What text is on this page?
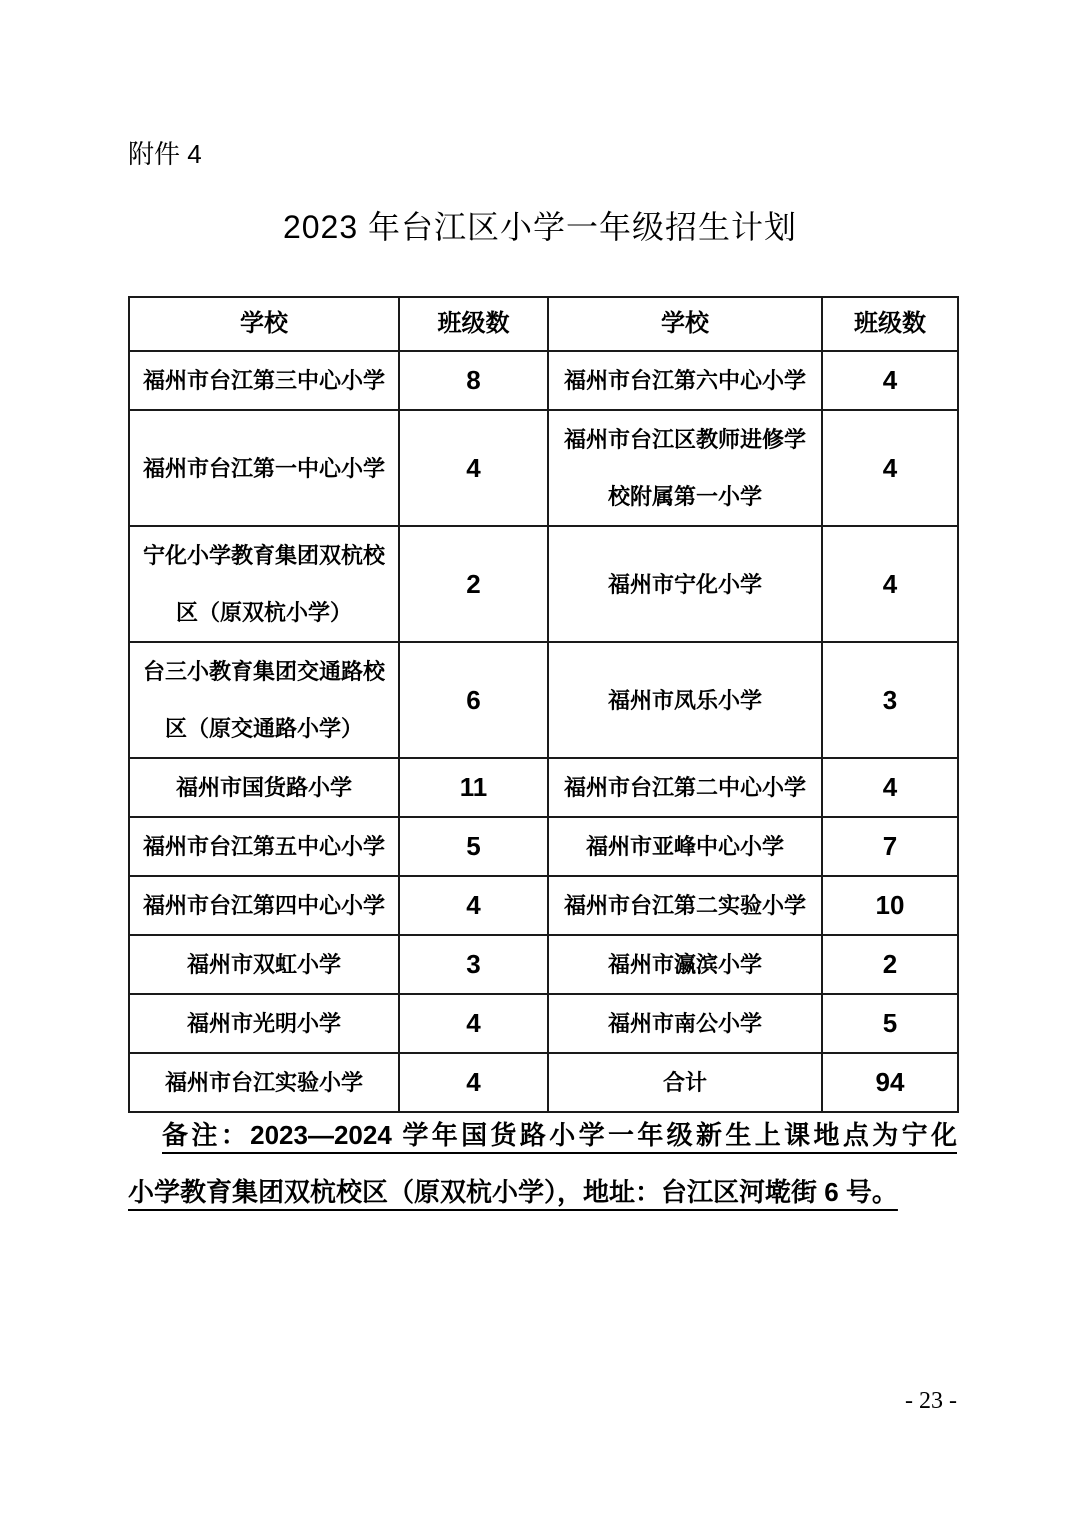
附件 4
2023 年台江区小学一年级招生计划
学校	班级数	学校	班级数
福州市台江第三中心小学	8	福州市台江第六中心小学	4
福州市台江第一中心小学	4	福州市台江区教师进修学校附属第一小学	4
宁化小学教育集团双杭校区（原双杭小学）	2	福州市宁化小学	4
台三小教育集团交通路校区（原交通路小学）	6	福州市凤乐小学	3
福州市国货路小学	11	福州市台江第二中心小学	4
福州市台江第五中心小学	5	福州市亚峰中心小学	7
福州市台江第四中心小学	4	福州市台江第二实验小学	10
福州市双虹小学	3	福州市瀛滨小学	2
福州市光明小学	4	福州市南公小学	5
福州市台江实验小学	4	合计	94
备注：2023—2024 学年国货路小学一年级新生上课地点为宁化
小学教育集团双杭校区（原双杭小学），地址：台江区河墘街 6 号。
- 23 -
